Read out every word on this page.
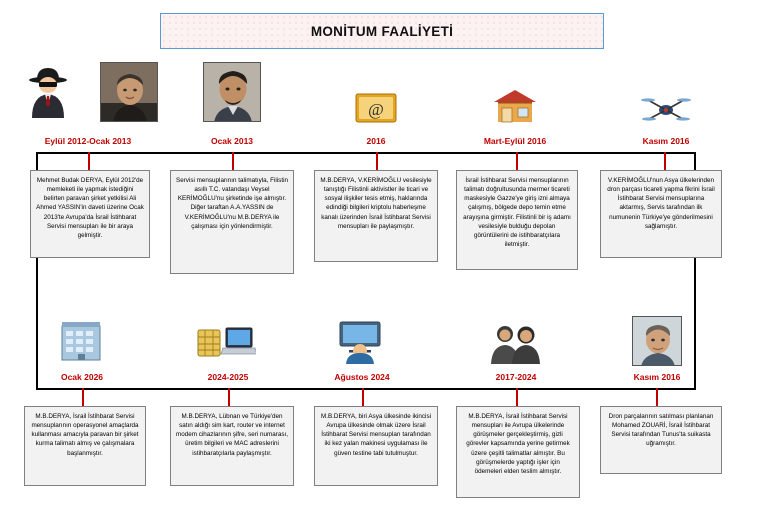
MONİTUM FAALİYETİ
@
Eylül 2012-Ocak 2013	Ocak 2013	2016	Mart-Eylül 2016	Kasım 2016
Mehmet Budak DERYA, Eylül 2012'de memleketi ile yapmak istediğini belirten paravan şirket yetkilisi Ali Ahmed YASSIN'in daveti üzerine Ocak 2013'te Avrupa'da İsrail İstihbarat Servisi mensupları ile bir araya gelmiştir.
Servisi mensuplarının talimatıyla, Filistin asıllı T.C. vatandaşı Veysel KERİMOĞLU'nu şirketinde işe almıştır. Diğer taraftan A.A.YASSIN de V.KERİMOĞLU'nu M.B.DERYA ile çalışması için yönlendirmiştir.
M.B.DERYA, V.KERİMOĞLU vesilesiyle tanıştığı Filistinli aktivistler ile ticari ve sosyal ilişkiler tesis etmiş, haklarında edindiği bilgileri kriptolu haberleşme kanalı üzerinden İsrail İstihbarat Servisi mensupları ile paylaşmıştır.
İsrail İstihbarat Servisi mensuplarının talimatı doğrultusunda mermer ticareti maskesiyle Gazze'ye giriş izni almaya çalışmış, bölgede depo temin etme arayışına girmiştir. Filistinli bir iş adamı vesilesiyle bulduğu depoları görüntülerini de istihbaratçılara iletmiştir.
V.KERİMOĞLU'nun Asya ülkelerinden dron parçası ticareti yapma fikrini İsrail İstihbarat Servisi mensuplarına aktarmış, Servis tarafından ilk numunenin Türkiye'ye gönderilmesini sağlamıştır.
Ocak 2026	2024-2025	Ağustos 2024	2017-2024	Kasım 2016
M.B.DERYA, İsrail İstihbarat Servisi mensuplarının operasyonel amaçlarda kullanması amacıyla paravan bir şirket kurma talimatı almış ve çalışmalara başlanmıştır.
M.B.DERYA, Lübnan ve Türkiye'den satın aldığı sim kart, router ve internet modem cihazlarının şifre, seri numarası, üretim bilgileri ve MAC adreslerini istihbaratçılarla paylaşmıştır.
M.B.DERYA, biri Asya ülkesinde ikincisi Avrupa ülkesinde olmak üzere İsrail İstihbarat Servisi mensupları tarafından iki kez yalan makinesi uygulaması ile güven testine tabi tutulmuştur.
M.B.DERYA, İsrail İstihbarat Servisi mensupları ile Avrupa ülkelerinde görüşmeler gerçekleştirmiş, gizli görevler kapsamında yerine getirmek üzere çeşitli talimatlar almıştır. Bu görüşmelerde yaptığı işler için ödemeleri elden teslim almıştır.
Dron parçalarının satılması planlanan Mohamed ZOUARİ, İsrail İstihbarat Servisi tarafından Tunus'ta suikasta uğramıştır.
